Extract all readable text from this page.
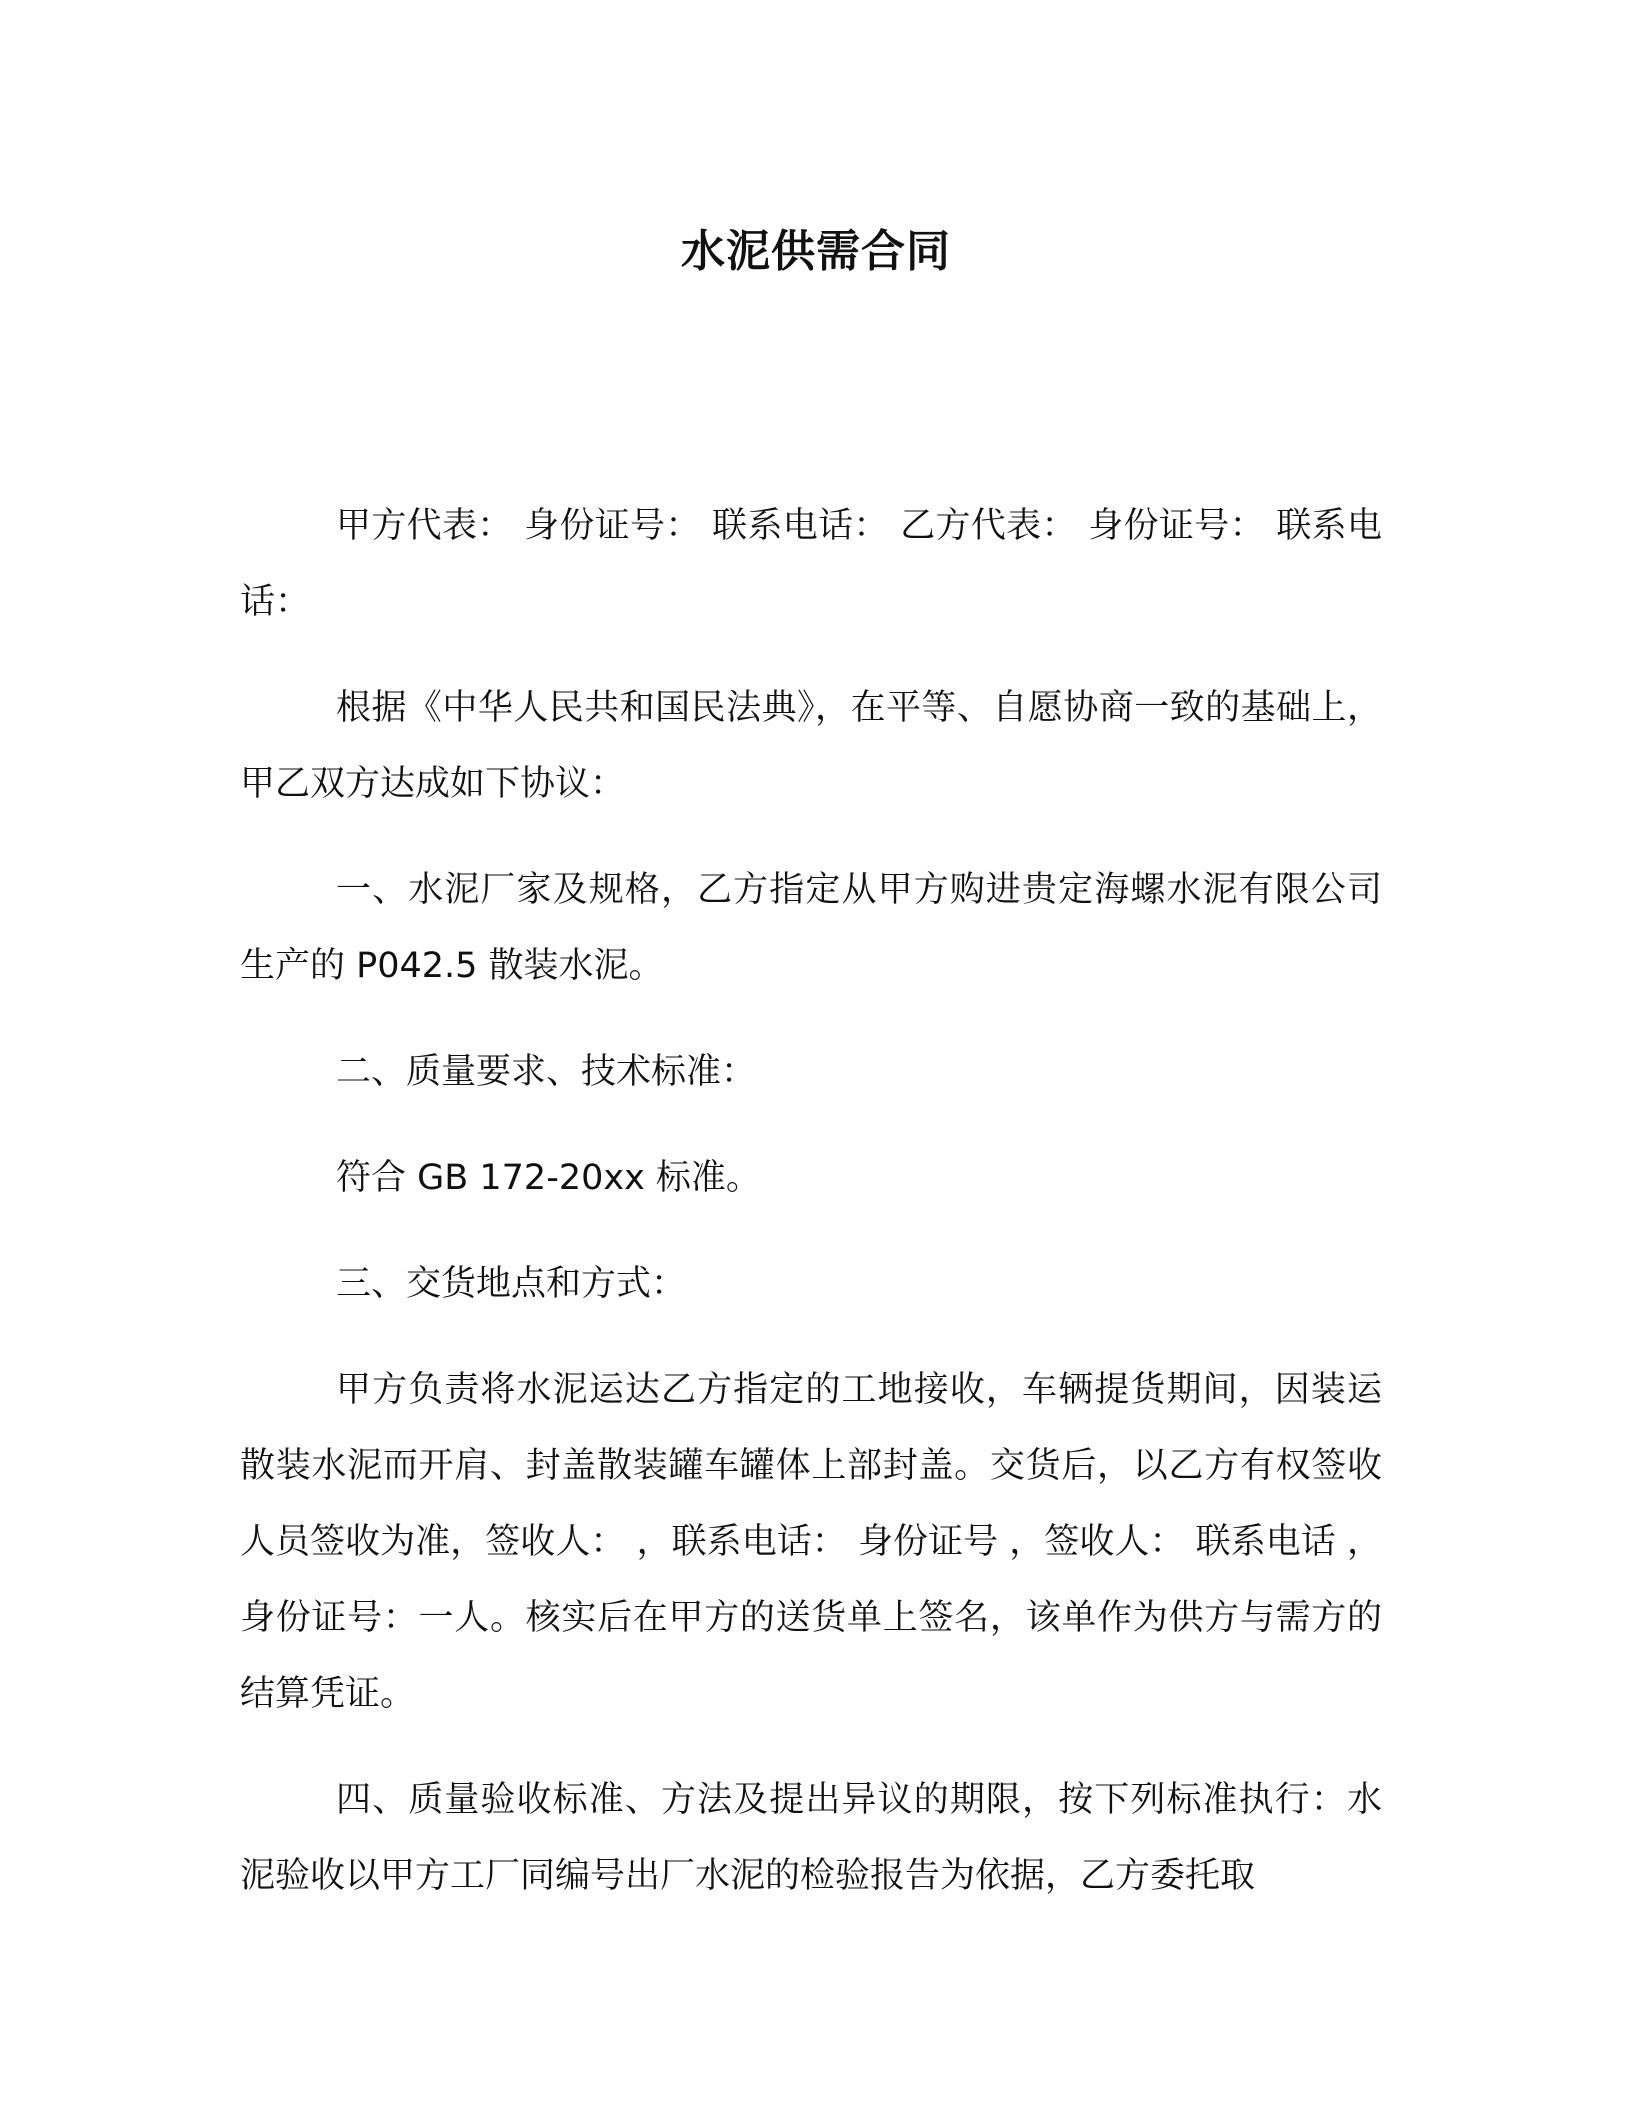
水泥供需合同

甲方代表： 身份证号： 联系电话： 乙方代表： 身份证号： 联系电话：

根据《中华人民共和国民法典》，在平等、自愿协商一致的基础上，甲乙双方达成如下协议：

一、水泥厂家及规格，乙方指定从甲方购进贵定海螺水泥有限公司生产的 P042.5 散装水泥。

二、质量要求、技术标准：

符合 GB 172-20xx 标准。

三、交货地点和方式：

甲方负责将水泥运达乙方指定的工地接收，车辆提货期间，因装运散装水泥而开肩、封盖散装罐车罐体上部封盖。交货后，以乙方有权签收人员签收为准，签收人： ，联系电话： 身份证号 ，签收人： 联系电话 ，身份证号：一人。核实后在甲方的送货单上签名，该单作为供方与需方的结算凭证。

四、质量验收标准、方法及提出异议的期限，按下列标准执行：水泥验收以甲方工厂同编号出厂水泥的检验报告为依据，乙方委托取
